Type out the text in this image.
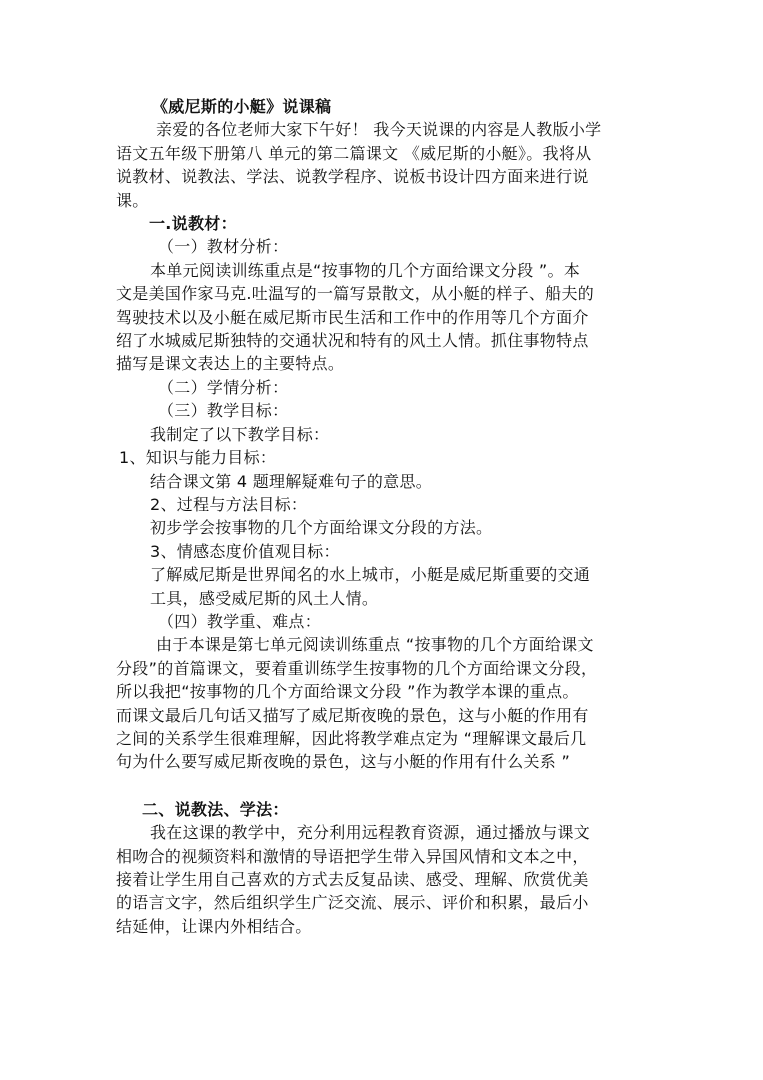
《威尼斯的小艇》说课稿
亲爱的各位老师大家下午好！ 我今天说课的内容是人教版小学
语文五年级下册第八 单元的第二篇课文 《威尼斯的小艇》。我将从
说教材、说教法、学法、说教学程序、说板书设计四方面来进行说
课。
一.说教材：
（一）教材分析：
本单元阅读训练重点是“按事物的几个方面给课文分段 ”。本
文是美国作家马克.吐温写的一篇写景散文，从小艇的样子、船夫的
驾驶技术以及小艇在威尼斯市民生活和工作中的作用等几个方面介
绍了水城威尼斯独特的交通状况和特有的风土人情。抓住事物特点
描写是课文表达上的主要特点。
（二）学情分析：
（三）教学目标：
我制定了以下教学目标：
1、知识与能力目标：
结合课文第 4 题理解疑难句子的意思。
2、过程与方法目标：
初步学会按事物的几个方面给课文分段的方法。
3、情感态度价值观目标：
了解威尼斯是世界闻名的水上城市，小艇是威尼斯重要的交通
工具，感受威尼斯的风土人情。
（四）教学重、难点：
由于本课是第七单元阅读训练重点 “按事物的几个方面给课文
分段”的首篇课文，要着重训练学生按事物的几个方面给课文分段，
所以我把“按事物的几个方面给课文分段 ”作为教学本课的重点。
而课文最后几句话又描写了威尼斯夜晚的景色，这与小艇的作用有
之间的关系学生很难理解，因此将教学难点定为 “理解课文最后几
句为什么要写威尼斯夜晚的景色，这与小艇的作用有什么关系 ”
二、说教法、学法：
我在这课的教学中，充分利用远程教育资源，通过播放与课文
相吻合的视频资料和激情的导语把学生带入异国风情和文本之中，
接着让学生用自己喜欢的方式去反复品读、感受、理解、欣赏优美
的语言文字，然后组织学生广泛交流、展示、评价和积累，最后小
结延伸，让课内外相结合。
